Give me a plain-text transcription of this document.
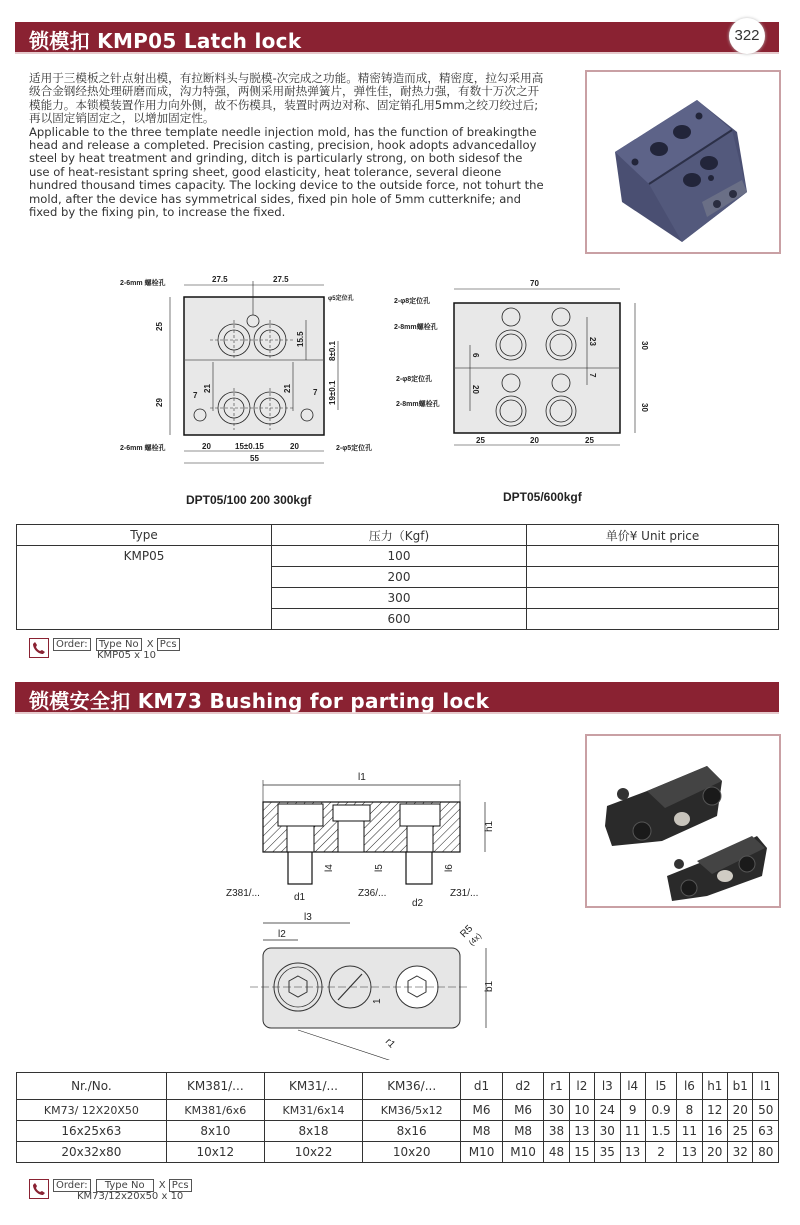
锁模扣 KMP05 Latch lock	322

适用于三模板之针点射出模，有拉断料头与脱模-次完成之功能。精密铸造而成，精密度，拉勾采用高级合金钢经热处理研磨而成，沟力特强，两侧采用耐热弹簧片，弹性佳，耐热力强，有数十万次之开模能力。本锁模装置作用力向外侧，故不伤模具，装置时两边对称、固定销孔用5mm之绞刀绞过后;再以固定销固定之，以增加固定性。

Applicable to the three template needle injection mold, has the function of breakingthe head and release a completed. Precision casting, precision, hook adopts advancedalloy steel by heat treatment and grinding, ditch is particularly strong, on both sidesof the use of heat-resistant spring sheet, good elasticity, heat tolerance, several dieone hundred thousand times capacity. The locking device to the outside force, not tohurt the mold, after the device has symmetrical sides, fixed pin hole of 5mm cutterknife; and fixed by the fixing pin, to increase the fixed.

27.5	27.5
25
29
15.5
8±0.1
19±0.1
21	21
7	7
20	15±0.15	20
55
2-6mm 螺栓孔
φ5定位孔
2-6mm 螺栓孔	2-φ5定位孔
DPT05/100 200 300kgf
70
30
30
23
7
6
20
25	20	25
2-φ8定位孔
2-8mm螺栓孔
2-φ8定位孔
2-8mm螺栓孔
DPT05/600kgf
Type	压力（Kgf)	单价¥ Unit price
KMP05	100	
	200	
	300	
	600	
Order: Type No X Pcs
KMP05 x 10
锁模安全扣 KM73 Bushing for parting lock
l1
h1
l4	l5	l6
Z381/...	Z36/...	Z31/...
d1
d2
l3
l2
b1
R5
(4x)
1
r1
Nr./No.	KM381/...	KM31/...	KM36/...	d1	d2	r1	l2	l3	l4	l5	l6	h1	b1	l1
KM73/ 12X20X50	KM381/6x6	KM31/6x14	KM36/5x12	M6	M6	30	10	24	9	0.9	8	12	20	50
16x25x63	8x10	8x18	8x16	M8	M8	38	13	30	11	1.5	11	16	25	63
20x32x80	10x12	10x22	10x20	M10	M10	48	15	35	13	2	13	20	32	80
Order: Type No X Pcs
KM73/12x20x50 x 10
